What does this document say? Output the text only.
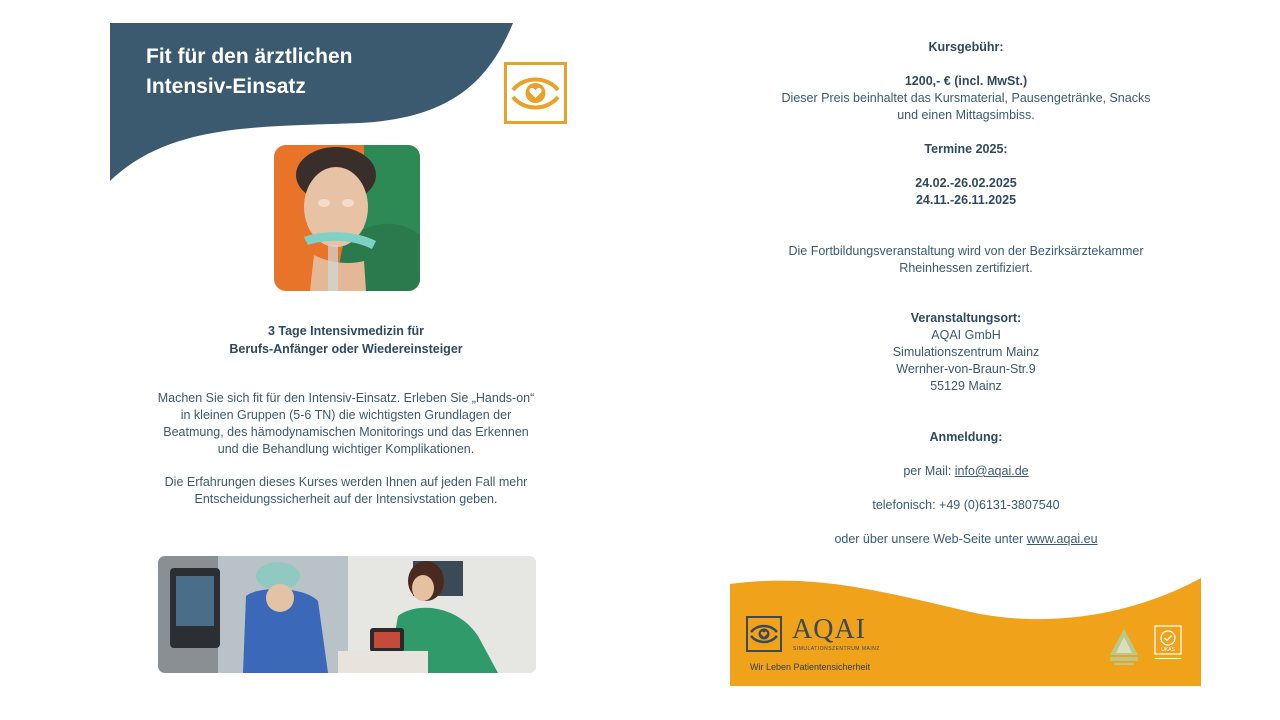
Fit für den ärztlichen
Intensiv-Einsatz
3 Tage Intensivmedizin für
Berufs-Anfänger oder Wiedereinsteiger
Machen Sie sich fit für den Intensiv-Einsatz. Erleben Sie „Hands-on“
in kleinen Gruppen (5-6 TN) die wichtigsten Grundlagen der
Beatmung, des hämodynamischen Monitorings und das Erkennen
und die Behandlung wichtiger Komplikationen.
Die Erfahrungen dieses Kurses werden Ihnen auf jeden Fall mehr
Entscheidungssicherheit auf der Intensivstation geben.
Kursgebühr:
1200,- € (incl. MwSt.)
Dieser Preis beinhaltet das Kursmaterial, Pausengetränke, Snacks
und einen Mittagsimbiss.
Termine 2025:
24.02.-26.02.2025
24.11.-26.11.2025
Die Fortbildungsveranstaltung wird von der Bezirksärztekammer
Rheinhessen zertifiziert.
Veranstaltungsort:
AQAI GmbH
Simulationszentrum Mainz
Wernher-von-Braun-Str.9
55129 Mainz
Anmeldung:
per Mail: info@aqai.de
telefonisch: +49 (0)6131-3807540
oder über unsere Web-Seite unter www.aqai.eu
AQAI
SIMULATIONSZENTRUM MAINZ
Wir Leben Patientensicherheit
UKAS
